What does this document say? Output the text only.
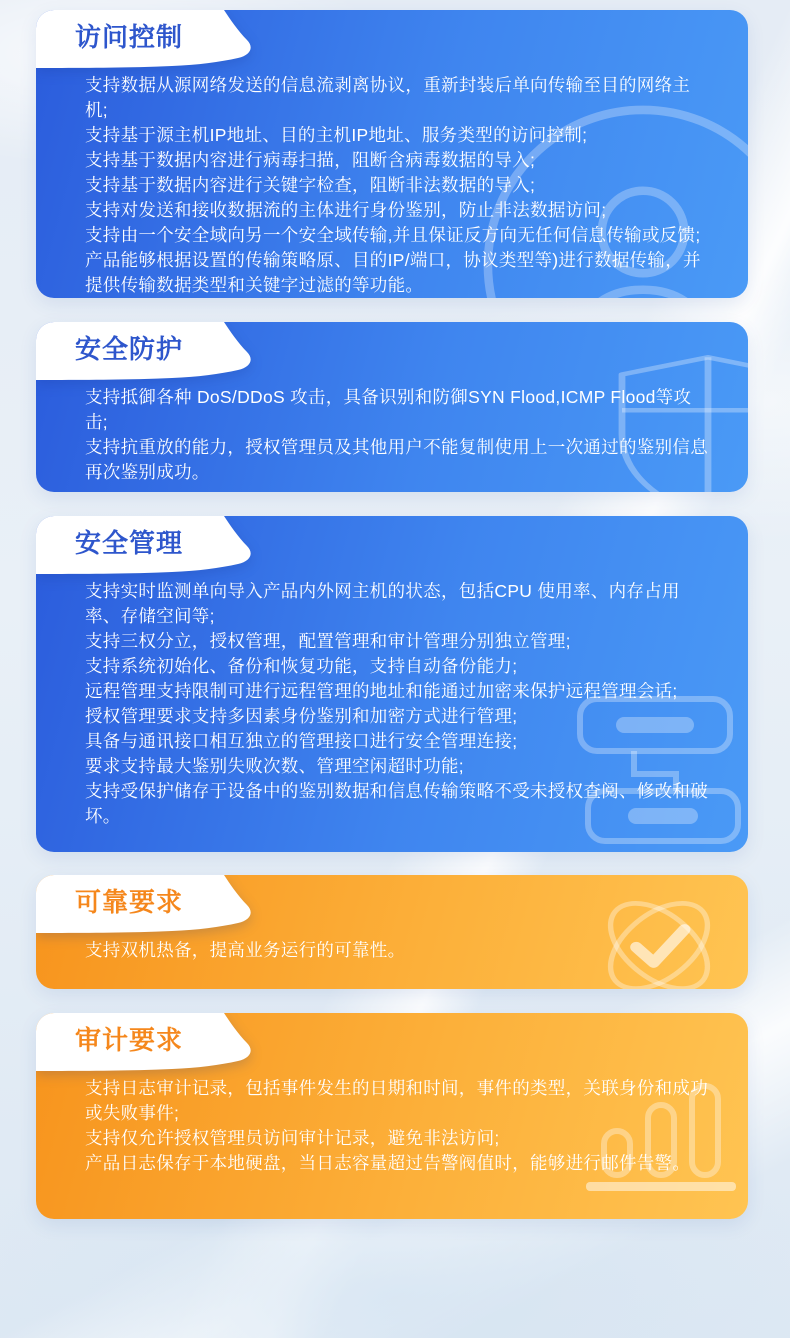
访问控制

支持数据从源网络发送的信息流剥离协议，重新封装后单向传输至目的网络主机;

支持基于源主机IP地址、目的主机IP地址、服务类型的访问控制;

支持基于数据内容进行病毒扫描，阻断含病毒数据的导入;

支持基于数据内容进行关键字检查，阻断非法数据的导入;

支持对发送和接收数据流的主体进行身份鉴别，防止非法数据访问;

支持由一个安全域向另一个安全域传输,并且保证反方向无任何信息传输或反馈;

产品能够根据设置的传输策略原、目的IP/端口，协议类型等)进行数据传输，并提供传输数据类型和关键字过滤的等功能。

安全防护

支持抵御各种 DoS/DDoS 攻击，具备识别和防御SYN Flood,ICMP Flood等攻击;

支持抗重放的能力，授权管理员及其他用户不能复制使用上一次通过的鉴别信息再次鉴别成功。

安全管理

支持实时监测单向导入产品内外网主机的状态，包括CPU 使用率、内存占用率、存储空间等;

支持三权分立，授权管理，配置管理和审计管理分别独立管理;

支持系统初始化、备份和恢复功能，支持自动备份能力;

远程管理支持限制可进行远程管理的地址和能通过加密来保护远程管理会话;

授权管理要求支持多因素身份鉴别和加密方式进行管理;

具备与通讯接口相互独立的管理接口进行安全管理连接;

要求支持最大鉴别失败次数、管理空闲超时功能;

支持受保护储存于设备中的鉴别数据和信息传输策略不受未授权查阅、修改和破坏。

可靠要求

支持双机热备，提高业务运行的可靠性。

审计要求

支持日志审计记录，包括事件发生的日期和时间，事件的类型，关联身份和成功或失败事件;

支持仅允许授权管理员访问审计记录，避免非法访问;

产品日志保存于本地硬盘，当日志容量超过告警阀值时，能够进行邮件告警。
